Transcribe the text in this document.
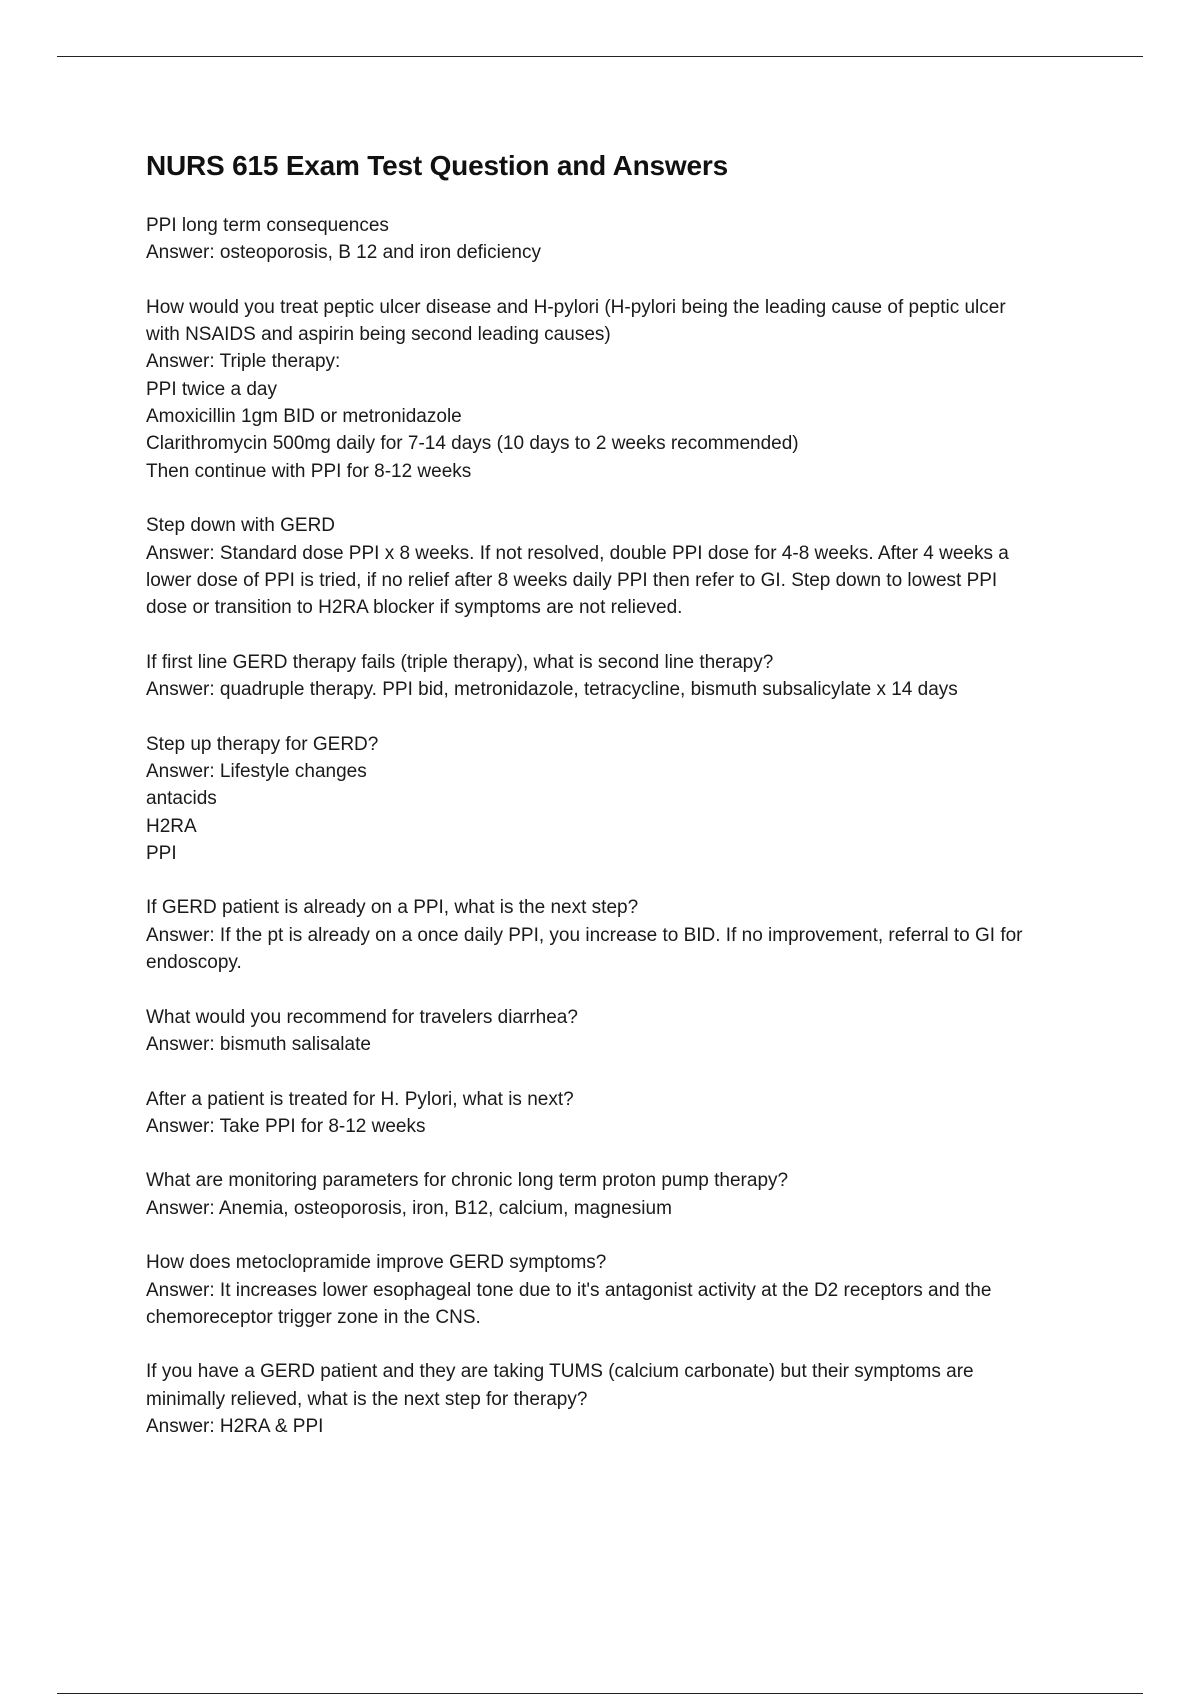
NURS 615 Exam Test Question and Answers
PPI long term consequences
Answer: osteoporosis, B 12 and iron deficiency
How would you treat peptic ulcer disease and H-pylori (H-pylori being the leading cause of peptic ulcer
with NSAIDS and aspirin being second leading causes)
Answer: Triple therapy:
PPI twice a day
Amoxicillin 1gm BID or metronidazole
Clarithromycin 500mg daily for 7-14 days (10 days to 2 weeks recommended)
Then continue with PPI for 8-12 weeks
Step down with GERD
Answer: Standard dose PPI x 8 weeks. If not resolved, double PPI dose for 4-8 weeks. After 4 weeks a
lower dose of PPI is tried, if no relief after 8 weeks daily PPI then refer to GI. Step down to lowest PPI
dose or transition to H2RA blocker if symptoms are not relieved.
If first line GERD therapy fails (triple therapy), what is second line therapy?
Answer: quadruple therapy. PPI bid, metronidazole, tetracycline, bismuth subsalicylate x 14 days
Step up therapy for GERD?
Answer: Lifestyle changes
antacids
H2RA
PPI
If GERD patient is already on a PPI, what is the next step?
Answer: If the pt is already on a once daily PPI, you increase to BID. If no improvement, referral to GI for
endoscopy.
What would you recommend for travelers diarrhea?
Answer: bismuth salisalate
After a patient is treated for H. Pylori, what is next?
Answer: Take PPI for 8-12 weeks
What are monitoring parameters for chronic long term proton pump therapy?
Answer: Anemia, osteoporosis, iron, B12, calcium, magnesium
How does metoclopramide improve GERD symptoms?
Answer: It increases lower esophageal tone due to it's antagonist activity at the D2 receptors and the
chemoreceptor trigger zone in the CNS.
If you have a GERD patient and they are taking TUMS (calcium carbonate) but their symptoms are
minimally relieved, what is the next step for therapy?
Answer: H2RA & PPI
